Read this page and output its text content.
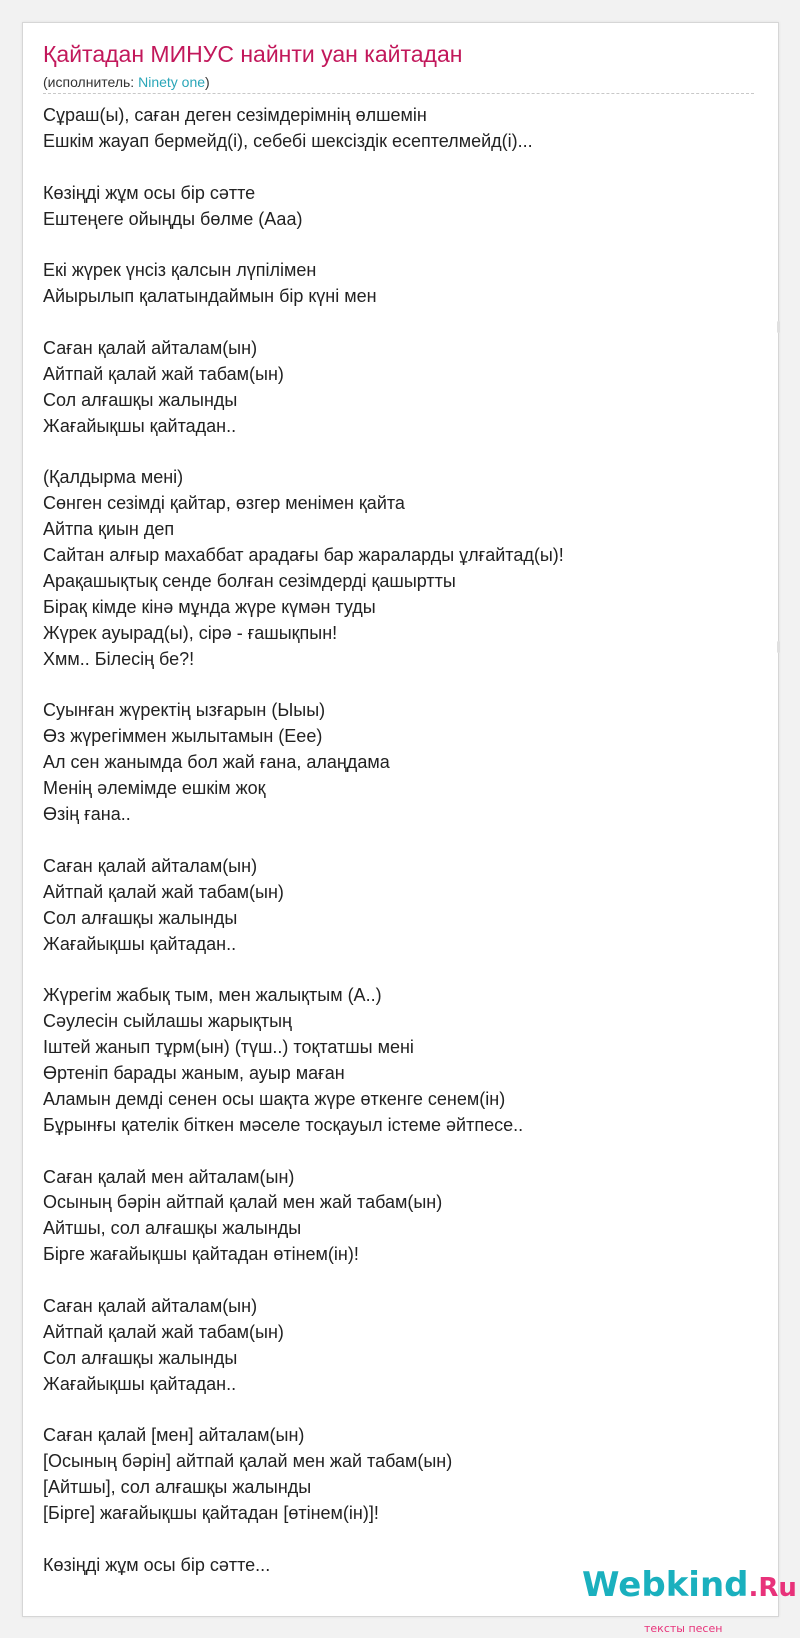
Қайтадан МИНУС найнти уан кайтадан
(исполнитель: Ninety one)
Сұраш(ы), саған деген сезімдерімнің өлшемін
Ешкім жауап бермейд(і), себебі шексіздік есептелмейд(і)...
Көзіңді жұм осы бір сәтте
Ештеңеге ойыңды бөлме (Ааа)
Екі жүрек үнсіз қалсын лүпілімен
Айырылып қалатындаймын бір күні мен
Саған қалай айталам(ын)
Айтпай қалай жай табам(ын)
Сол алғашқы жалынды
Жағайықшы қайтадан..
(Қалдырма мені)
Сөнген сезімді қайтар, өзгер менімен қайта
Айтпа қиын деп
Сайтан алғыр махаббат арадағы бар жараларды ұлғайтад(ы)!
Арақашықтық сенде болған сезімдерді қашыртты
Бірақ кімде кінә мұнда жүре күмән туды
Жүрек ауырад(ы), сірә - ғашықпын!
Хмм.. Білесің бе?!
Суынған жүректің ызғарын (Ыыы)
Өз жүрегіммен жылытамын (Еее)
Ал сен жанымда бол жай ғана, алаңдама
Менің әлемімде ешкім жоқ
Өзің ғана..
Саған қалай айталам(ын)
Айтпай қалай жай табам(ын)
Сол алғашқы жалынды
Жағайықшы қайтадан..
Жүрегім жабық тым, мен жалықтым (А..)
Сәулесін сыйлашы жарықтың
Іштей жанып тұрм(ын) (түш..) тоқтатшы мені
Өртеніп барады жаным, ауыр маған
Аламын демді сенен осы шақта жүре өткенге сенем(ін)
Бұрынғы қателік біткен мәселе тосқауыл істеме әйтпесе..
Саған қалай мен айталам(ын)
Осының бәрін айтпай қалай мен жай табам(ын)
Айтшы, сол алғашқы жалынды
Бірге жағайықшы қайтадан өтінем(ін)!
Саған қалай айталам(ын)
Айтпай қалай жай табам(ын)
Сол алғашқы жалынды
Жағайықшы қайтадан..
Саған қалай [мен] айталам(ын)
[Осының бәрін] айтпай қалай мен жай табам(ын)
[Айтшы], сол алғашқы жалынды
[Бірге] жағайықшы қайтадан [өтінем(ін)]!
Көзіңді жұм осы бір сәтте...
Webkind.Ru
тексты песен
